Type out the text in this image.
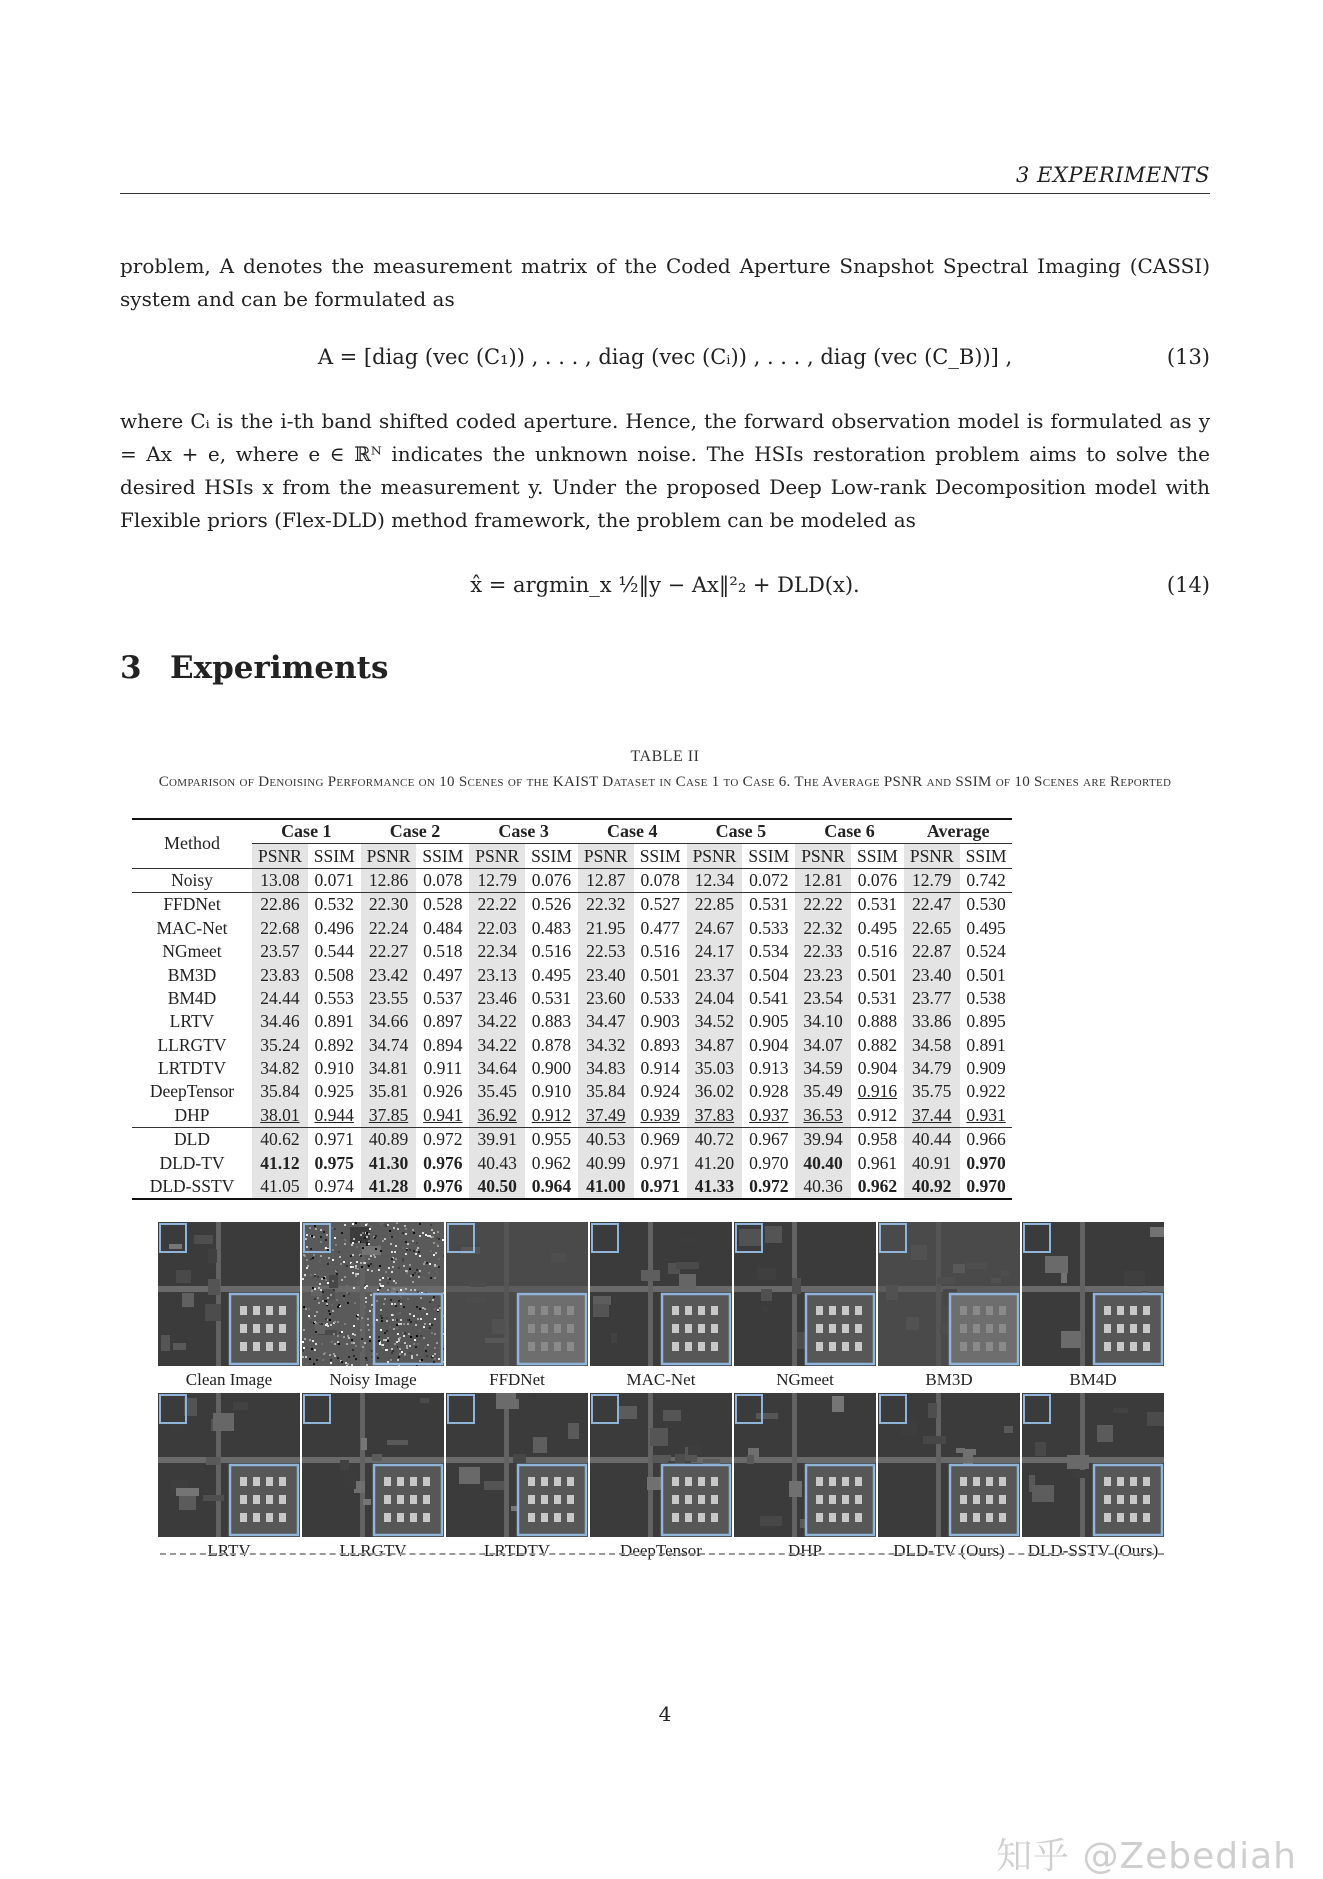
3 EXPERIMENTS
problem, A denotes the measurement matrix of the Coded Aperture Snapshot Spectral Imaging (CASSI) system and can be formulated as
A = [diag (vec (C₁)) , . . . , diag (vec (Cᵢ)) , . . . , diag (vec (C_B))] ,	(13)
where Cᵢ is the i-th band shifted coded aperture. Hence, the forward observation model is formulated as y = Ax + e, where e ∈ ℝᴺ indicates the unknown noise. The HSIs restoration problem aims to solve the desired HSIs x from the measurement y. Under the proposed Deep Low-rank Decomposition model with Flexible priors (Flex-DLD) method framework, the problem can be modeled as
x̂ = argmin_x ½‖y − Ax‖²₂ + DLD(x).	(14)
3 Experiments
TABLE II
Comparison of Denoising Performance on 10 Scenes of the KAIST Dataset in Case 1 to Case 6. The Average PSNR and SSIM of 10 Scenes are Reported
Method	Case 1		Case 2		Case 3		Case 4		Case 5		Case 6		Average	
	PSNR	SSIM	PSNR	SSIM	PSNR	SSIM	PSNR	SSIM	PSNR	SSIM	PSNR	SSIM	PSNR	SSIM
Noisy	13.08	0.071	12.86	0.078	12.79	0.076	12.87	0.078	12.34	0.072	12.81	0.076	12.79	0.742
FFDNet	22.86	0.532	22.30	0.528	22.22	0.526	22.32	0.527	22.85	0.531	22.22	0.531	22.47	0.530
MAC-Net	22.68	0.496	22.24	0.484	22.03	0.483	21.95	0.477	24.67	0.533	22.32	0.495	22.65	0.495
NGmeet	23.57	0.544	22.27	0.518	22.34	0.516	22.53	0.516	24.17	0.534	22.33	0.516	22.87	0.524
BM3D	23.83	0.508	23.42	0.497	23.13	0.495	23.40	0.501	23.37	0.504	23.23	0.501	23.40	0.501
BM4D	24.44	0.553	23.55	0.537	23.46	0.531	23.60	0.533	24.04	0.541	23.54	0.531	23.77	0.538
LRTV	34.46	0.891	34.66	0.897	34.22	0.883	34.47	0.903	34.52	0.905	34.10	0.888	33.86	0.895
LLRGTV	35.24	0.892	34.74	0.894	34.22	0.878	34.32	0.893	34.87	0.904	34.07	0.882	34.58	0.891
LRTDTV	34.82	0.910	34.81	0.911	34.64	0.900	34.83	0.914	35.03	0.913	34.59	0.904	34.79	0.909
DeepTensor	35.84	0.925	35.81	0.926	35.45	0.910	35.84	0.924	36.02	0.928	35.49	0.916	35.75	0.922
DHP	38.01	0.944	37.85	0.941	36.92	0.912	37.49	0.939	37.83	0.937	36.53	0.912	37.44	0.931
DLD	40.62	0.971	40.89	0.972	39.91	0.955	40.53	0.969	40.72	0.967	39.94	0.958	40.44	0.966
DLD-TV	41.12	0.975	41.30	0.976	40.43	0.962	40.99	0.971	41.20	0.970	40.40	0.961	40.91	0.970
DLD-SSTV	41.05	0.974	41.28	0.976	40.50	0.964	41.00	0.971	41.33	0.972	40.36	0.962	40.92	0.970
Clean Image	Noisy Image	FFDNet	MAC-Net	NGmeet	BM3D	BM4D
LRTV	LLRGTV	LRTDTV	DeepTensor	DHP	DLD-TV (Ours)	DLD-SSTV (Ours)
4
知乎 @Zebediah
